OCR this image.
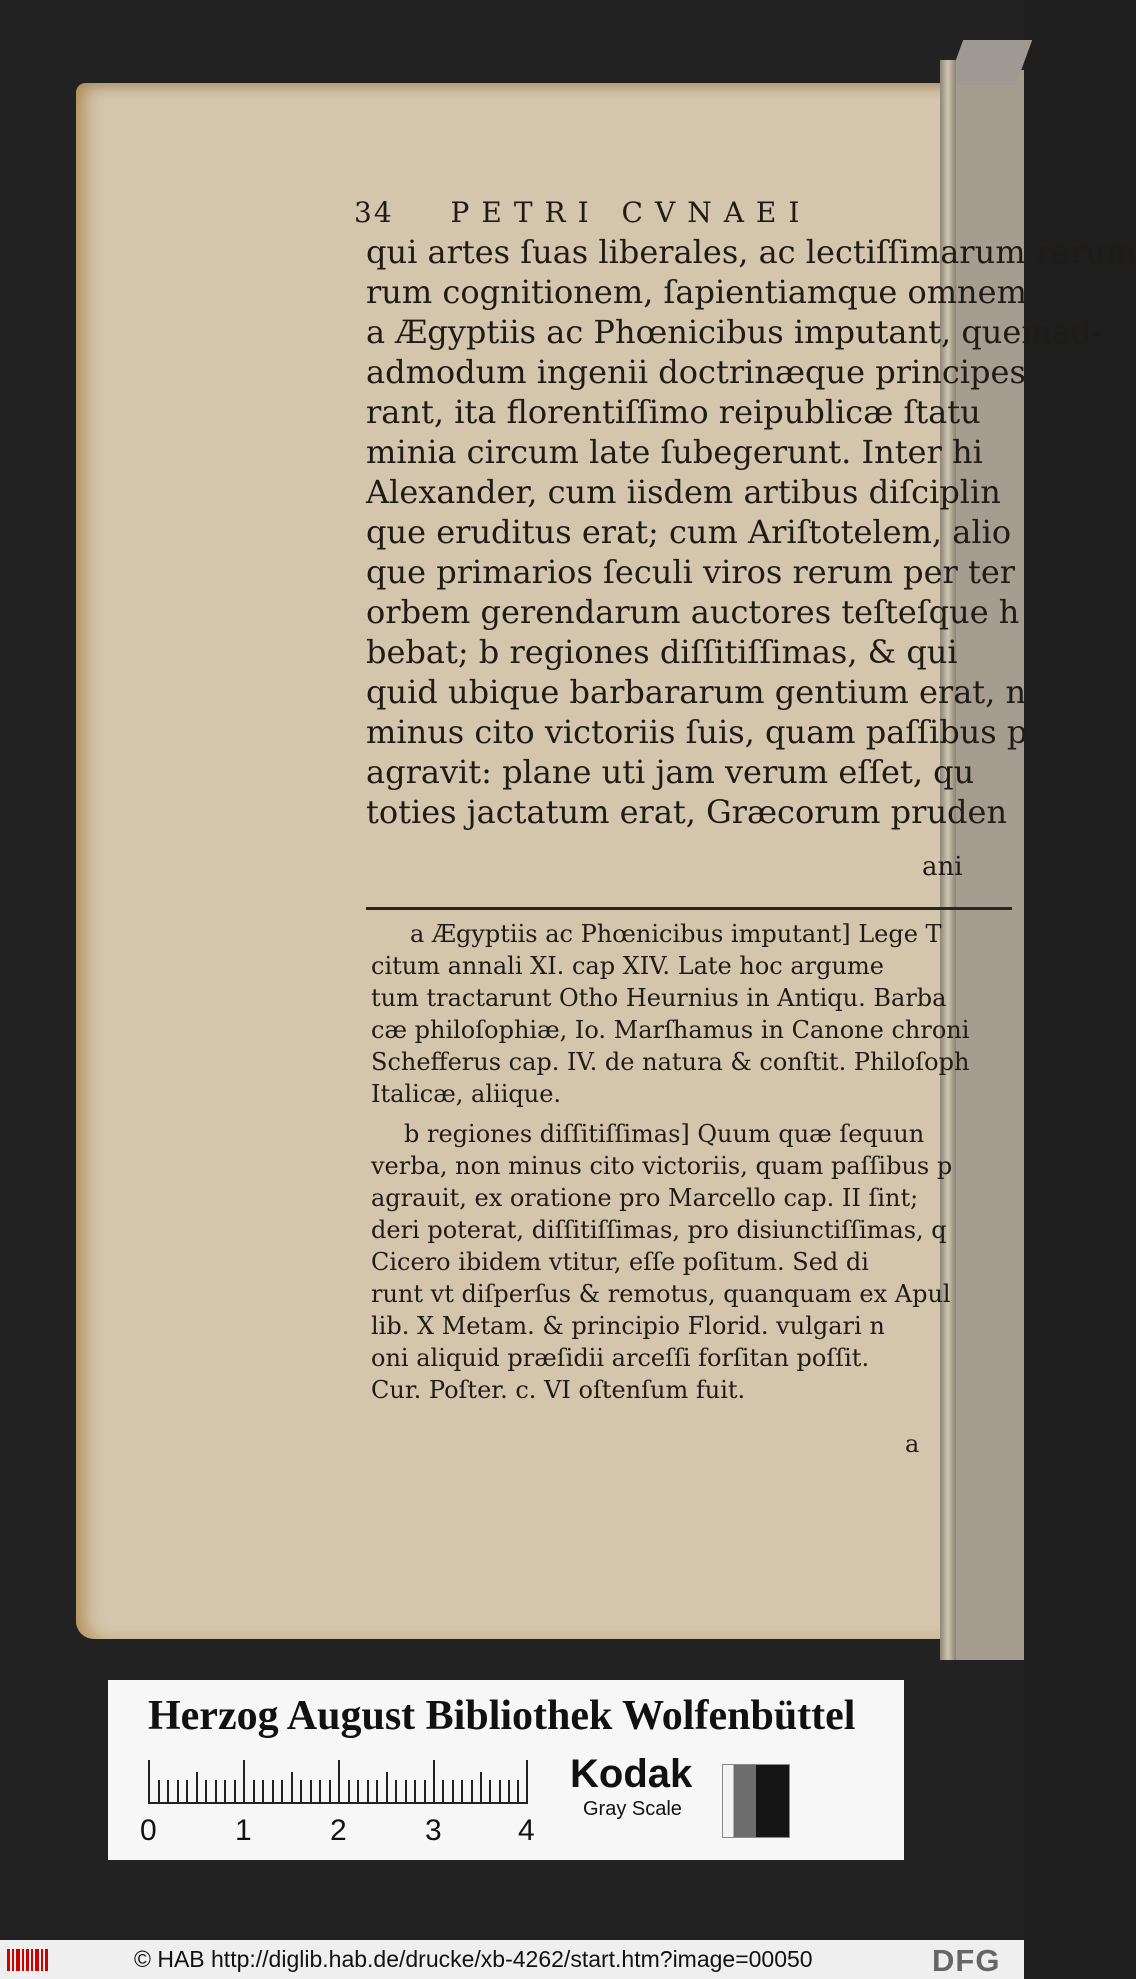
34 PETRI CVNAEI
qui artes ſuas liberales, ac lectiſſimarum rerum
rum cognitionem, ſapientiamque omnem
a Ægyptiis ac Phœnicibus imputant, quemad-
admodum ingenii doctrinæque principes
rant, ita florentiſſimo reipublicæ ſtatu
minia circum late ſubegerunt. Inter hi
Alexander, cum iisdem artibus diſciplin
que eruditus erat; cum Ariſtotelem, alio
que primarios ſeculi viros rerum per ter
orbem gerendarum auctores teſteſque h
bebat; b regiones diſſitiſſimas, & qui
quid ubique barbararum gentium erat, n
minus cito victoriis ſuis, quam paſſibus p
agravit: plane uti jam verum eſſet, qu
toties jactatum erat, Græcorum pruden
ani
a Ægyptiis ac Phœnicibus imputant] Lege T
citum annali XI. cap XIV. Late hoc argume
tum tractarunt Otho Heurnius in Antiqu. Barba
cæ philoſophiæ, Io. Marſhamus in Canone chroni
Schefferus cap. IV. de natura & conſtit. Philoſoph
Italicæ, aliique.
b regiones diſſitiſſimas] Quum quæ ſequun
verba, non minus cito victoriis, quam paſſibus p
agrauit, ex oratione pro Marcello cap. II ſint;
deri poterat, diſſitiſſimas, pro disiunctiſſimas, q
Cicero ibidem vtitur, eſſe poſitum. Sed di
runt vt diſperſus & remotus, quanquam ex Apul
lib. X Metam. & principio Florid. vulgari n
oni aliquid præſidii arceſſi forſitan poſſit.
Cur. Poſter. c. VI oſtenſum fuit.
a
Herzog August Bibliothek Wolfenbüttel
0	1	2	3	4
Kodak
Gray Scale
© HAB http://diglib.hab.de/drucke/xb-4262/start.htm?image=00050	DFG
